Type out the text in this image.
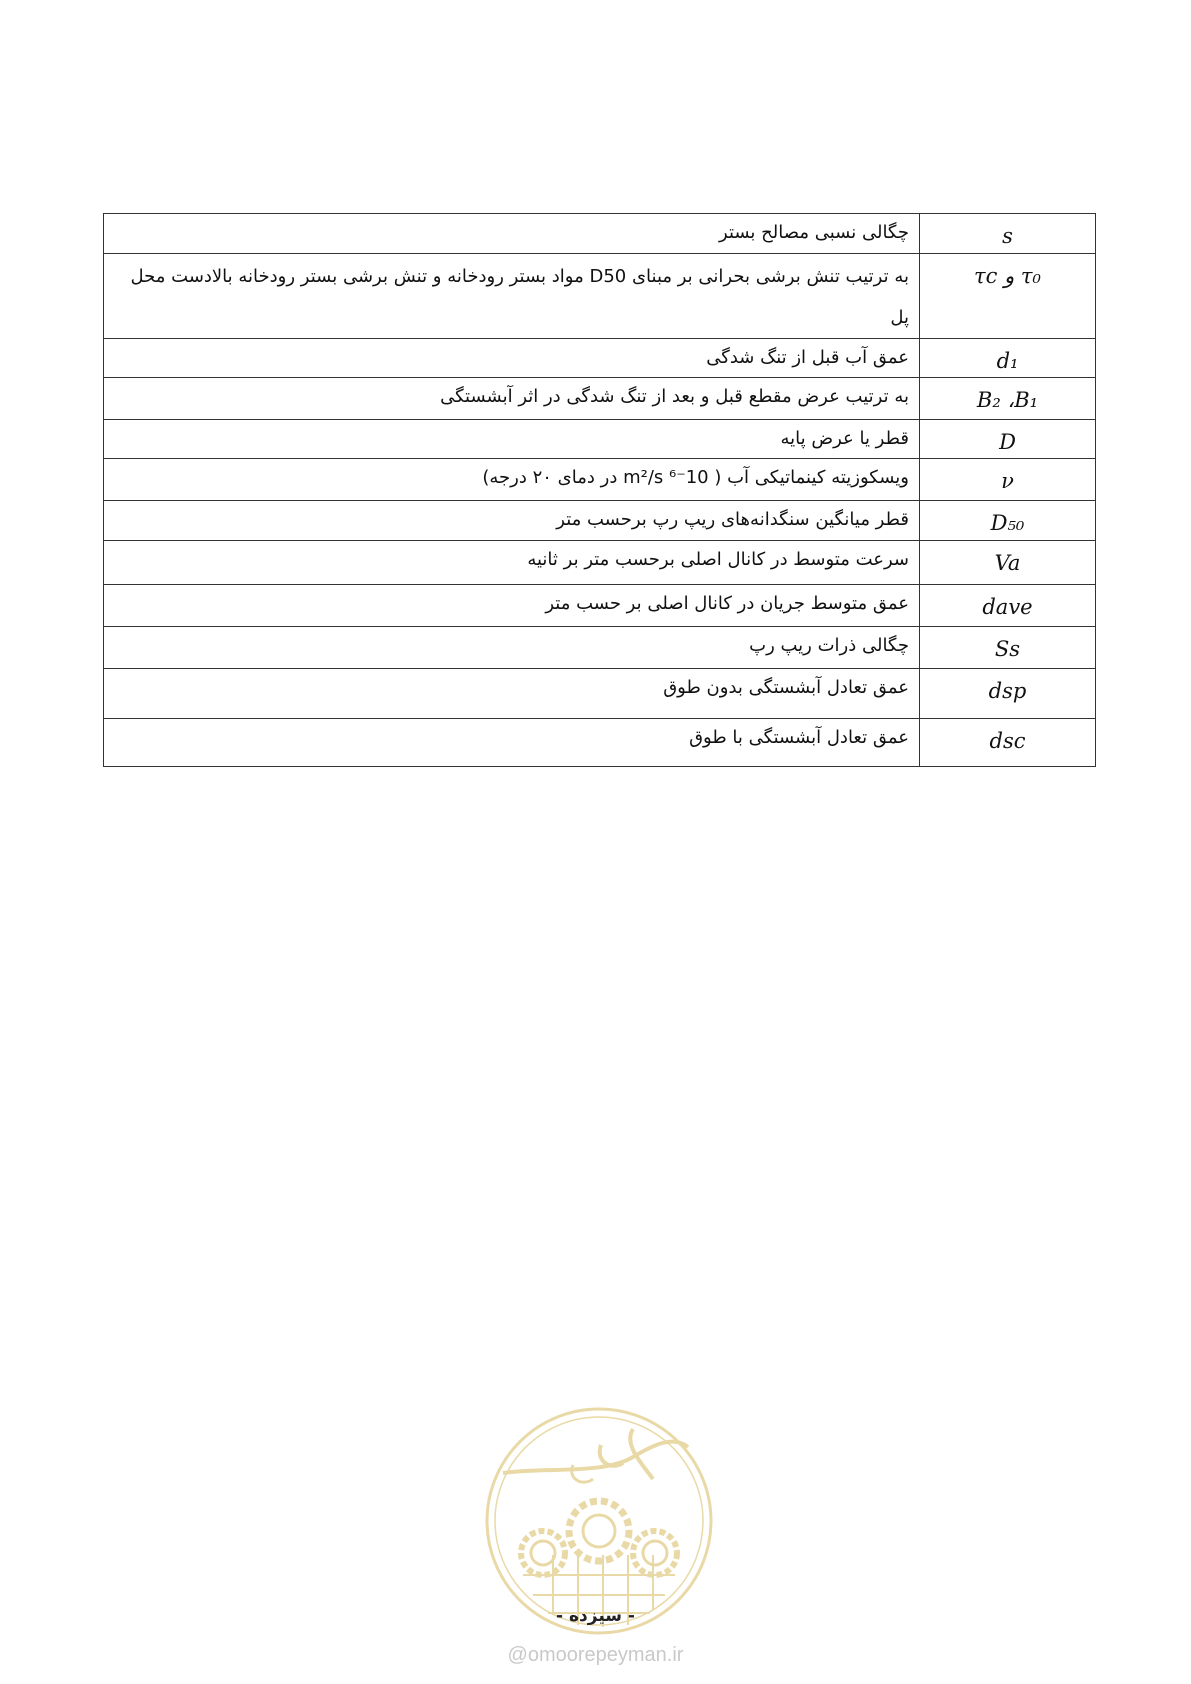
s	چگالی نسبی مصالح بستر
τ₀ و τc	به ترتیب تنش برشی بحرانی بر مبنای D50 مواد بستر رودخانه و تنش برشی بستر رودخانه بالادست محل پل
d₁	عمق آب قبل از تنگ شدگی
B₂ ،B₁	به ترتیب عرض مقطع قبل و بعد از تنگ شدگی در اثر آبشستگی
D	قطر یا عرض پایه
ν	ویسکوزیته کینماتیکی آب ( 10⁻⁶ m²/s در دمای ۲۰ درجه)
D₅₀	قطر میانگین سنگدانه‌های ریپ رپ برحسب متر
Va	سرعت متوسط در کانال اصلی برحسب متر بر ثانیه
dave	عمق متوسط جریان در کانال اصلی بر حسب متر
Ss	چگالی ذرات ریپ رپ
dsp	عمق تعادل آبشستگی بدون طوق
dsc	عمق تعادل آبشستگی با طوق
- سیزده -
@omoorepeyman.ir
